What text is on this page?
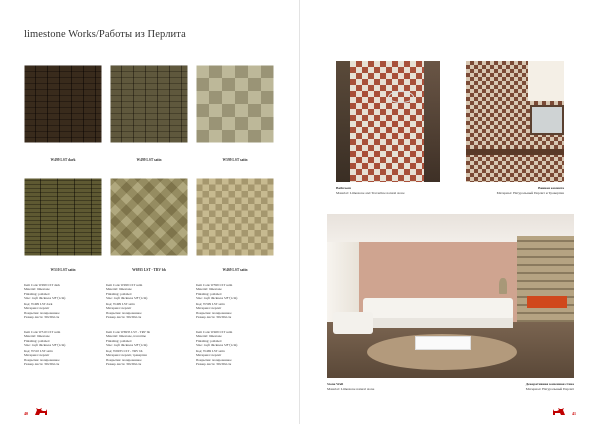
limestone Works/Работы из Перлита
W499 LST dark	W499 LST satin	W599 LST satin
W510 LST satin	W6935 LST - TRV bh	W469 LST satin

Item Code W499 LST dark

Material: limestone

Finishing: polished

Size: 1sqft thickness 5/8"(1cm)

Код: W499 LST dark

Материал: перлит

Покрытие: полированное

Размер листа: 30х30х1см

Item Code W499 LST satin

Material: limestone

Finishing: polished

Size: 1sqft thickness 5/8"(1cm)

Код: W499 LST satin

Материал: перлит

Покрытие: полированное

Размер листа: 30х30х1см

Item Code W599 LST satin

Material: limestone

Finishing: polished

Size: 1sqft thickness 5/8"(1cm)

Код: W599 LST satin

Материал: перлит

Покрытие: полированное

Размер листа: 30х30х1см

Item Code W510 LST satin

Material: limestone

Finishing: polished

Size: 1sqft thickness 5/8"(1cm)

Код: W510 LST satin

Материал: перлит

Покрытие: полированное

Размер листа: 30х30х1см

Item Code W6935 LST - TRV bh

Material: limestone, travertine

Finishing: polished

Size: 1sqft thickness 5/8"(1cm)

Код: W6935 LST - TRV bh

Материал: перлит, травертин

Покрытие: полированное

Размер листа: 30х30х1см

Item Code W469 LST satin

Material: limestone

Finishing: polished

Size: 1sqft thickness 5/8"(1cm)

Код: W469 LST satin

Материал: перлит

Покрытие: полированное

Размер листа: 30х30х1см

40
Bathroom
Material: Limestone and Travertine natural stone
Ванная комната
Материал: Натуральный Перлит и Травертин
Stone Wall
Material: Limestone natural stone
Декоративная каменная стена
Материал: Натуральный Перлит
41
